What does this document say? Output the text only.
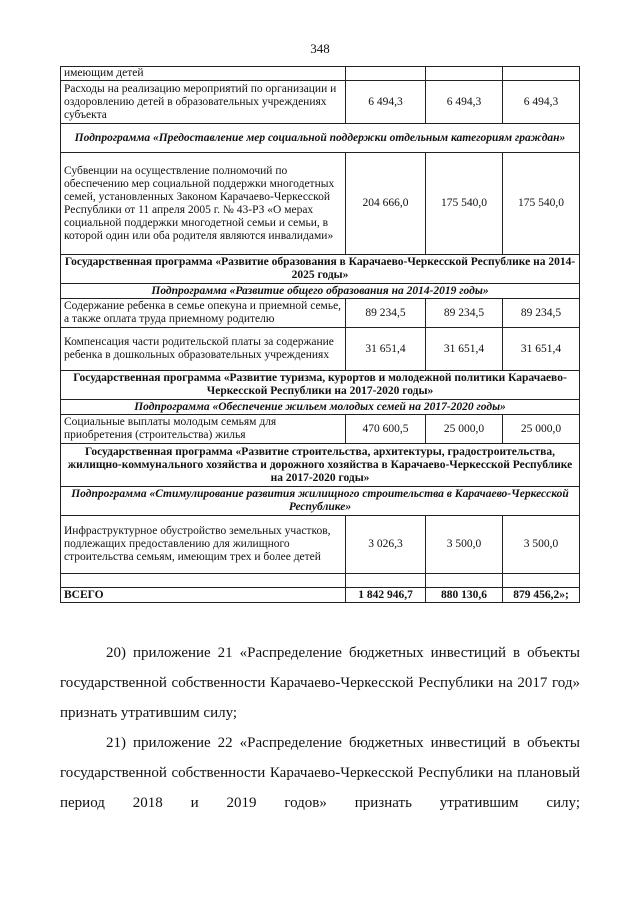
348
имеющим детей			
Расходы на реализацию мероприятий по организации и оздоровлению детей в образовательных учреждениях субъекта	6 494,3	6 494,3	6 494,3
Подпрограмма «Предоставление мер социальной поддержки отдельным категориям граждан»			
Субвенции на осуществление полномочий по обеспечению мер социальной поддержки многодетных семей, установленных Законом Карачаево-Черкесской Республики от 11 апреля 2005 г. № 43-РЗ «О мерах социальной поддержки многодетной семьи и семьи, в которой один или оба родителя являются инвалидами»	204 666,0	175 540,0	175 540,0
Государственная программа «Развитие образования в Карачаево-Черкесской Республике на 2014-2025 годы»			
Подпрограмма «Развитие общего образования на 2014-2019 годы»			
Содержание ребенка в семье опекуна и приемной семье, а также оплата труда приемному родителю	89 234,5	89 234,5	89 234,5
Компенсация части родительской платы за содержание ребенка в дошкольных образовательных учреждениях	31 651,4	31 651,4	31 651,4
Государственная программа «Развитие туризма, курортов и молодежной политики Карачаево-Черкесской Республики на 2017-2020 годы»			
Подпрограмма «Обеспечение жильем молодых семей на 2017-2020 годы»			
Социальные выплаты молодым семьям для приобретения (строительства) жилья	470 600,5	25 000,0	25 000,0
Государственная программа «Развитие строительства, архитектуры, градостроительства, жилищно-коммунального хозяйства и дорожного хозяйства в Карачаево-Черкесской Республике на 2017-2020 годы»			
Подпрограмма «Стимулирование развития жилищного строительства в Карачаево-Черкесской Республике»			
Инфраструктурное обустройство земельных участков, подлежащих предоставлению для жилищного строительства семьям, имеющим трех и более детей	3 026,3	3 500,0	3 500,0

ВСЕГО	1 842 946,7	880 130,6	879 456,2»;

20) приложение 21 «Распределение бюджетных инвестиций в объекты государственной собственности Карачаево-Черкесской Республики на 2017 год» признать утратившим силу;

21) приложение 22 «Распределение бюджетных инвестиций в объекты государственной собственности Карачаево-Черкесской Республики на плановый период 2018 и 2019 годов» признать утратившим силу;
